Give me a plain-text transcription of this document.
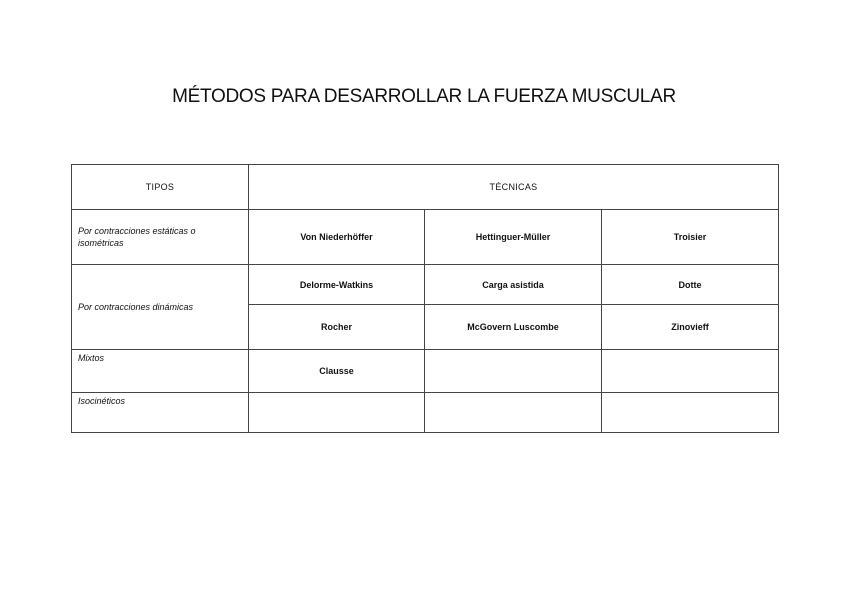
MÉTODOS PARA DESARROLLAR LA FUERZA MUSCULAR
TIPOS	TÉCNICAS		
Por contracciones estáticas o isométricas	Von Niederhöffer	Hettinguer-Müller	Troisier
Por contracciones dinámicas	Delorme-Watkins	Carga asistida	Dotte
	Rocher	McGovern Luscombe	Zinovieff
Mixtos	Clausse		
Isocinéticos			
